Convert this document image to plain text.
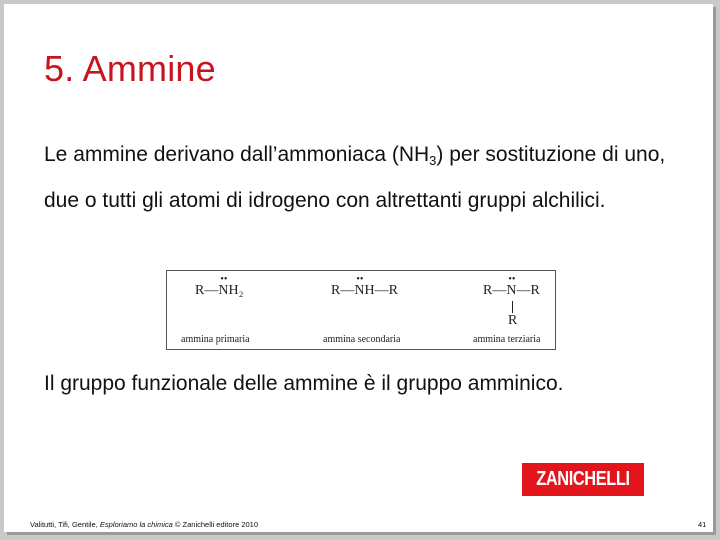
5. Ammine

Le ammine derivano dall’ammoniaca $(NH_3)$ per sostituzione di uno, due o tutti gli atomi di idrogeno con altrettanti gruppi alchilici.

R—
••
NH₂
ammina primaria
R—
••
NH—R
ammina secondaria
R—
••
N—R
R
ammina terziaria

Il gruppo funzionale delle ammine è il gruppo amminico.

ZANICHELLI
Valitutti, Tifi, Gentile, Esploriamo la chimica © Zanichelli editore 2010	41
